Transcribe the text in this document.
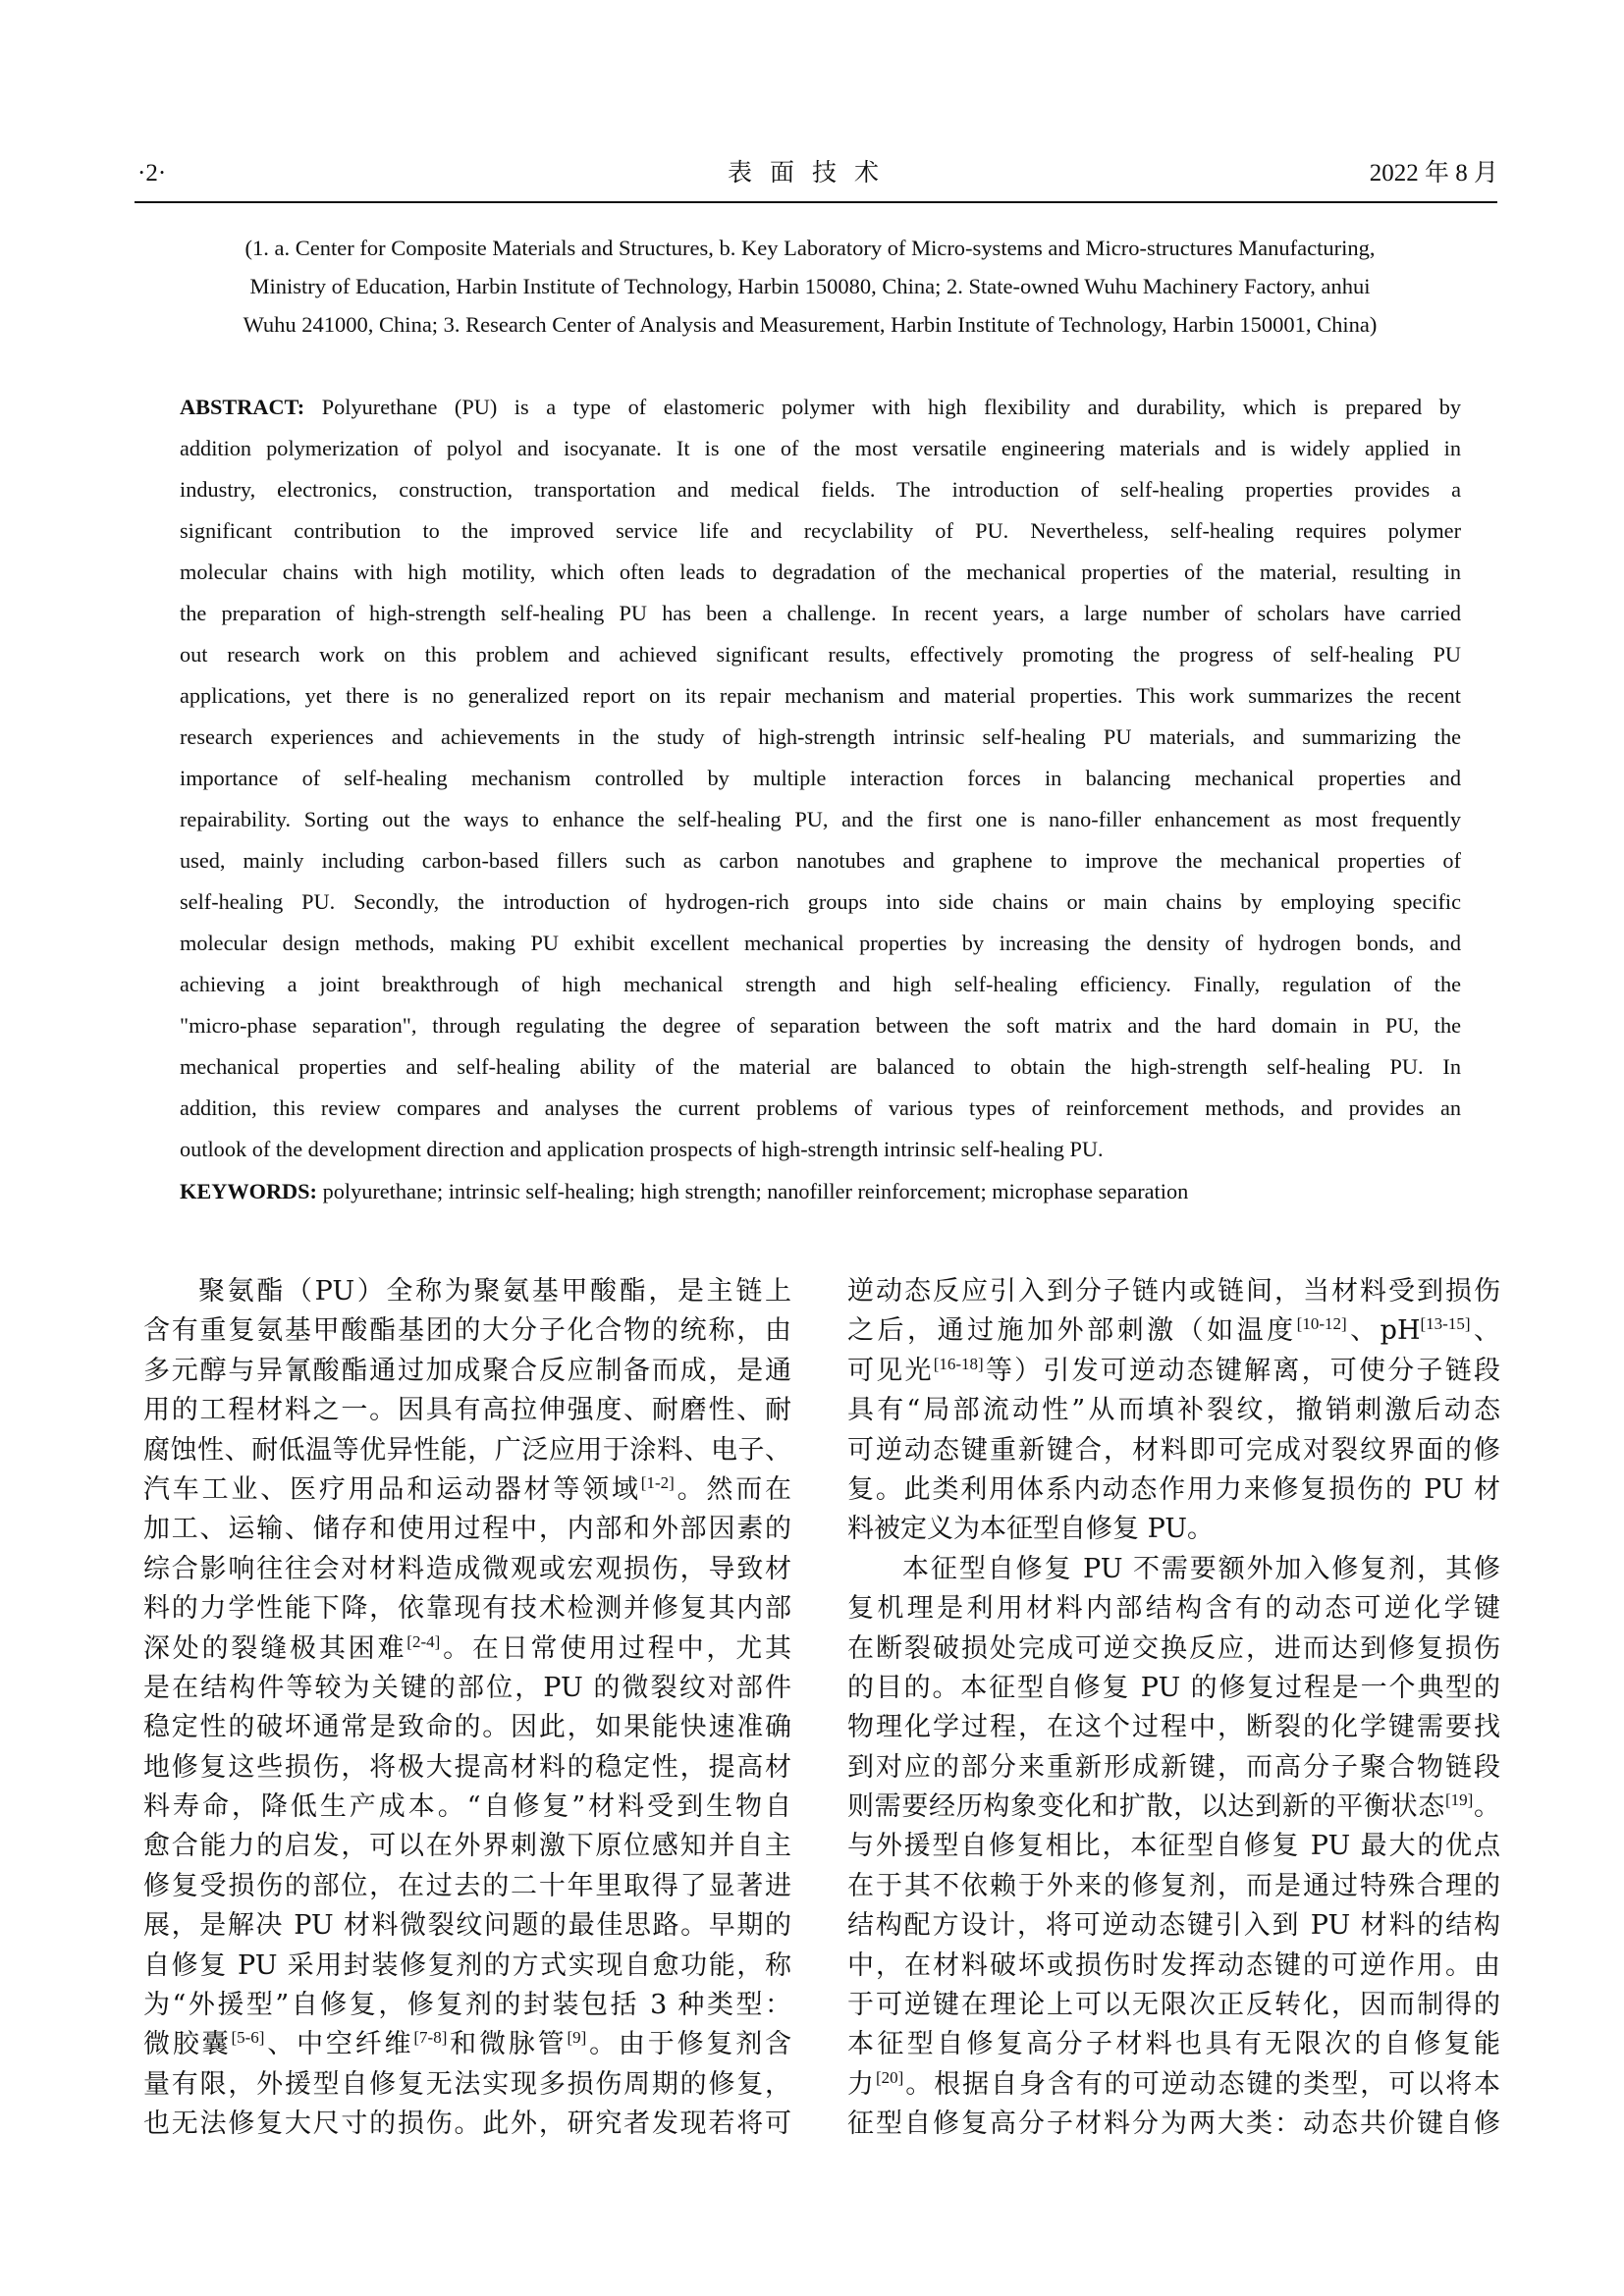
·2·	表面技术	2022 年 8 月
(1. a. Center for Composite Materials and Structures, b. Key Laboratory of Micro-systems and Micro-structures Manufacturing,
Ministry of Education, Harbin Institute of Technology, Harbin 150080, China; 2. State-owned Wuhu Machinery Factory, anhui
Wuhu 241000, China; 3. Research Center of Analysis and Measurement, Harbin Institute of Technology, Harbin 150001, China)
ABSTRACT: Polyurethane (PU) is a type of elastomeric polymer with high flexibility and durability, which is prepared by
addition polymerization of polyol and isocyanate. It is one of the most versatile engineering materials and is widely applied in
industry, electronics, construction, transportation and medical fields. The introduction of self-healing properties provides a
significant contribution to the improved service life and recyclability of PU. Nevertheless, self-healing requires polymer
molecular chains with high motility, which often leads to degradation of the mechanical properties of the material, resulting in
the preparation of high-strength self-healing PU has been a challenge. In recent years, a large number of scholars have carried
out research work on this problem and achieved significant results, effectively promoting the progress of self-healing PU
applications, yet there is no generalized report on its repair mechanism and material properties. This work summarizes the recent
research experiences and achievements in the study of high-strength intrinsic self-healing PU materials, and summarizing the
importance of self-healing mechanism controlled by multiple interaction forces in balancing mechanical properties and
repairability. Sorting out the ways to enhance the self-healing PU, and the first one is nano-filler enhancement as most frequently
used, mainly including carbon-based fillers such as carbon nanotubes and graphene to improve the mechanical properties of
self-healing PU. Secondly, the introduction of hydrogen-rich groups into side chains or main chains by employing specific
molecular design methods, making PU exhibit excellent mechanical properties by increasing the density of hydrogen bonds, and
achieving a joint breakthrough of high mechanical strength and high self-healing efficiency. Finally, regulation of the
"micro-phase separation", through regulating the degree of separation between the soft matrix and the hard domain in PU, the
mechanical properties and self-healing ability of the material are balanced to obtain the high-strength self-healing PU. In
addition, this review compares and analyses the current problems of various types of reinforcement methods, and provides an
outlook of the development direction and application prospects of high-strength intrinsic self-healing PU.
KEYWORDS: polyurethane; intrinsic self-healing; high strength; nanofiller reinforcement; microphase separation
聚氨酯（PU）全称为聚氨基甲酸酯，是主链上
含有重复氨基甲酸酯基团的大分子化合物的统称，由
多元醇与异氰酸酯通过加成聚合反应制备而成，是通
用的工程材料之一。因具有高拉伸强度、耐磨性、耐
腐蚀性、耐低温等优异性能，广泛应用于涂料、电子、
汽车工业、医疗用品和运动器材等领域[1-2]。然而在
加工、运输、储存和使用过程中，内部和外部因素的
综合影响往往会对材料造成微观或宏观损伤，导致材
料的力学性能下降，依靠现有技术检测并修复其内部
深处的裂缝极其困难[2-4]。在日常使用过程中，尤其
是在结构件等较为关键的部位，PU 的微裂纹对部件
稳定性的破坏通常是致命的。因此，如果能快速准确
地修复这些损伤，将极大提高材料的稳定性，提高材
料寿命，降低生产成本。“自修复”材料受到生物自
愈合能力的启发，可以在外界刺激下原位感知并自主
修复受损伤的部位，在过去的二十年里取得了显著进
展，是解决 PU 材料微裂纹问题的最佳思路。早期的
自修复 PU 采用封装修复剂的方式实现自愈功能，称
为“外援型”自修复，修复剂的封装包括 3 种类型：
微胶囊[5-6]、中空纤维[7-8]和微脉管[9]。由于修复剂含
量有限，外援型自修复无法实现多损伤周期的修复，
也无法修复大尺寸的损伤。此外，研究者发现若将可
逆动态反应引入到分子链内或链间，当材料受到损伤
之后，通过施加外部刺激（如温度[10-12]、pH[13-15]、
可见光[16-18]等）引发可逆动态键解离，可使分子链段
具有“局部流动性”从而填补裂纹，撤销刺激后动态
可逆动态键重新键合，材料即可完成对裂纹界面的修
复。此类利用体系内动态作用力来修复损伤的 PU 材
料被定义为本征型自修复 PU。
本征型自修复 PU 不需要额外加入修复剂，其修
复机理是利用材料内部结构含有的动态可逆化学键
在断裂破损处完成可逆交换反应，进而达到修复损伤
的目的。本征型自修复 PU 的修复过程是一个典型的
物理化学过程，在这个过程中，断裂的化学键需要找
到对应的部分来重新形成新键，而高分子聚合物链段
则需要经历构象变化和扩散，以达到新的平衡状态[19]。
与外援型自修复相比，本征型自修复 PU 最大的优点
在于其不依赖于外来的修复剂，而是通过特殊合理的
结构配方设计，将可逆动态键引入到 PU 材料的结构
中，在材料破坏或损伤时发挥动态键的可逆作用。由
于可逆键在理论上可以无限次正反转化，因而制得的
本征型自修复高分子材料也具有无限次的自修复能
力[20]。根据自身含有的可逆动态键的类型，可以将本
征型自修复高分子材料分为两大类：动态共价键自修
